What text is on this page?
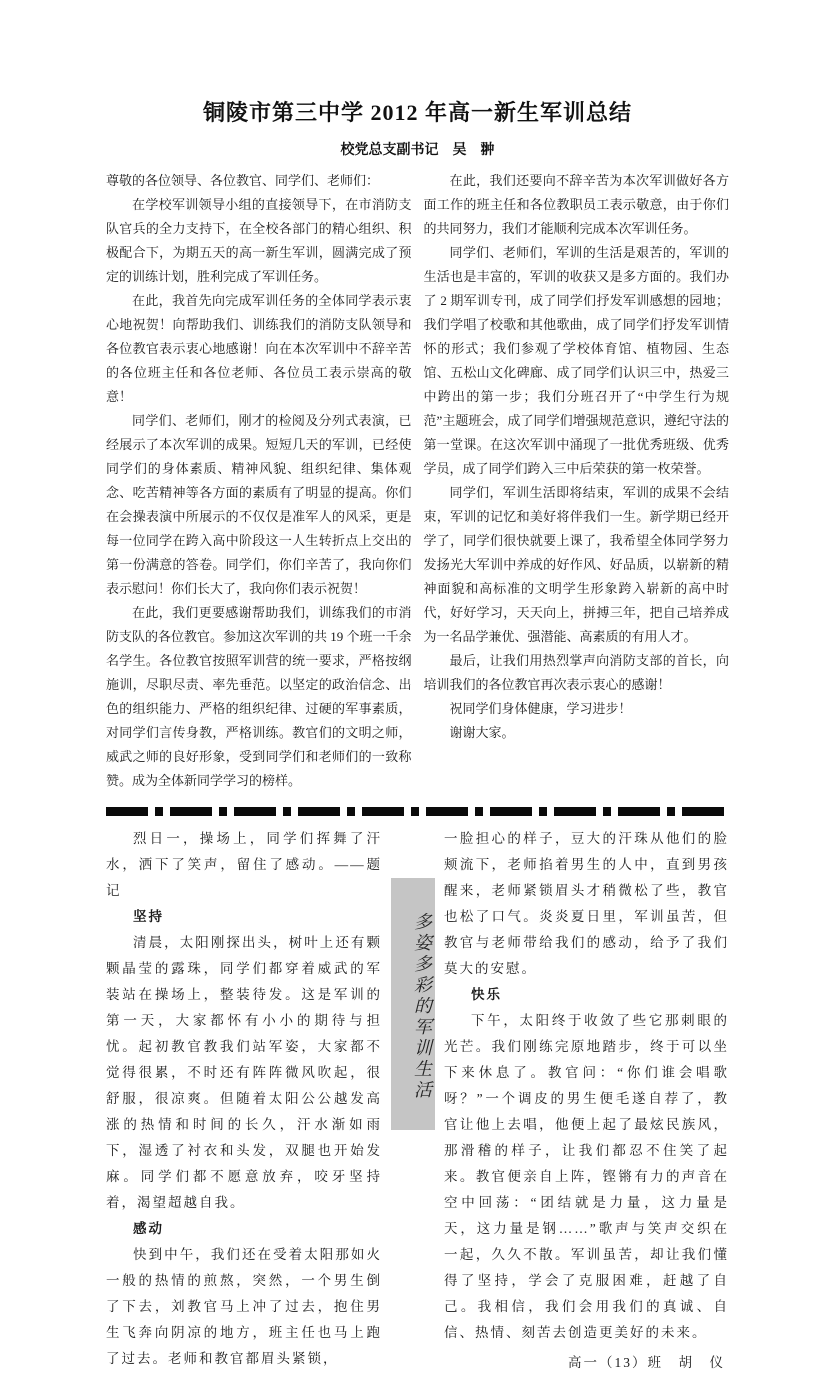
铜陵市第三中学 2012 年高一新生军训总结
校党总支副书记　吴　翀

尊敬的各位领导、各位教官、同学们、老师们：

在学校军训领导小组的直接领导下，在市消防支队官兵的全力支持下，在全校各部门的精心组织、积极配合下，为期五天的高一新生军训，圆满完成了预定的训练计划，胜利完成了军训任务。

在此，我首先向完成军训任务的全体同学表示衷心地祝贺！向帮助我们、训练我们的消防支队领导和各位教官表示衷心地感谢！向在本次军训中不辞辛苦的各位班主任和各位老师、各位员工表示崇高的敬意！

同学们、老师们，刚才的检阅及分列式表演，已经展示了本次军训的成果。短短几天的军训，已经使同学们的身体素质、精神风貌、组织纪律、集体观念、吃苦精神等各方面的素质有了明显的提高。你们在会操表演中所展示的不仅仅是准军人的风采，更是每一位同学在跨入高中阶段这一人生转折点上交出的第一份满意的答卷。同学们，你们辛苦了，我向你们表示慰问！你们长大了，我向你们表示祝贺！

在此，我们更要感谢帮助我们，训练我们的市消防支队的各位教官。参加这次军训的共 19 个班一千余名学生。各位教官按照军训营的统一要求，严格按纲施训，尽职尽责、率先垂范。以坚定的政治信念、出色的组织能力、严格的组织纪律、过硬的军事素质，对同学们言传身教，严格训练。教官们的文明之师，威武之师的良好形象，受到同学们和老师们的一致称赞。成为全体新同学学习的榜样。

在此，我们还要向不辞辛苦为本次军训做好各方面工作的班主任和各位教职员工表示敬意，由于你们的共同努力，我们才能顺利完成本次军训任务。

同学们、老师们，军训的生活是艰苦的，军训的生活也是丰富的，军训的收获又是多方面的。我们办了 2 期军训专刊，成了同学们抒发军训感想的园地；我们学唱了校歌和其他歌曲，成了同学们抒发军训情怀的形式；我们参观了学校体育馆、植物园、生态馆、五松山文化碑廊、成了同学们认识三中，热爱三中跨出的第一步；我们分班召开了“中学生行为规范”主题班会，成了同学们增强规范意识，遵纪守法的第一堂课。在这次军训中涌现了一批优秀班级、优秀学员，成了同学们跨入三中后荣获的第一枚荣誉。

同学们，军训生活即将结束，军训的成果不会结束，军训的记忆和美好将伴我们一生。新学期已经开学了，同学们很快就要上课了，我希望全体同学努力发扬光大军训中养成的好作风、好品质，以崭新的精神面貌和高标准的文明学生形象跨入崭新的高中时代，好好学习，天天向上，拼搏三年，把自己培养成为一名品学兼优、强潜能、高素质的有用人才。

最后，让我们用热烈掌声向消防支部的首长，向培训我们的各位教官再次表示衷心的感谢！

祝同学们身体健康，学习进步！

谢谢大家。

烈日一，操场上，同学们挥舞了汗水，洒下了笑声，留住了感动。——题记

坚持

清晨，太阳刚探出头，树叶上还有颗颗晶莹的露珠，同学们都穿着威武的军装站在操场上，整装待发。这是军训的第一天，大家都怀有小小的期待与担忧。起初教官教我们站军姿，大家都不觉得很累，不时还有阵阵微风吹起，很舒服，很凉爽。但随着太阳公公越发高涨的热情和时间的长久，汗水渐如雨下，湿透了衬衣和头发，双腿也开始发麻。同学们都不愿意放弃，咬牙坚持着，渴望超越自我。

感动

快到中午，我们还在受着太阳那如火一般的热情的煎熬，突然，一个男生倒了下去，刘教官马上冲了过去，抱住男生飞奔向阴凉的地方，班主任也马上跑了过去。老师和教官都眉头紧锁，

多姿多彩的军训生活

一脸担心的样子，豆大的汗珠从他们的脸颊流下，老师掐着男生的人中，直到男孩醒来，老师紧锁眉头才稍微松了些，教官也松了口气。炎炎夏日里，军训虽苦，但教官与老师带给我们的感动，给予了我们莫大的安慰。

快乐

下午，太阳终于收敛了些它那刺眼的光芒。我们刚练完原地踏步，终于可以坐下来休息了。教官问：“你们谁会唱歌呀？”一个调皮的男生便毛遂自荐了，教官让他上去唱，他便上起了最炫民族风，那滑稽的样子，让我们都忍不住笑了起来。教官便亲自上阵，铿锵有力的声音在空中回荡：“团结就是力量，这力量是天，这力量是钢……”歌声与笑声交织在一起，久久不散。军训虽苦，却让我们懂得了坚持，学会了克服困难，赶越了自己。我相信，我们会用我们的真诚、自信、热情、刻苦去创造更美好的未来。

高一（13）班　胡　仪
